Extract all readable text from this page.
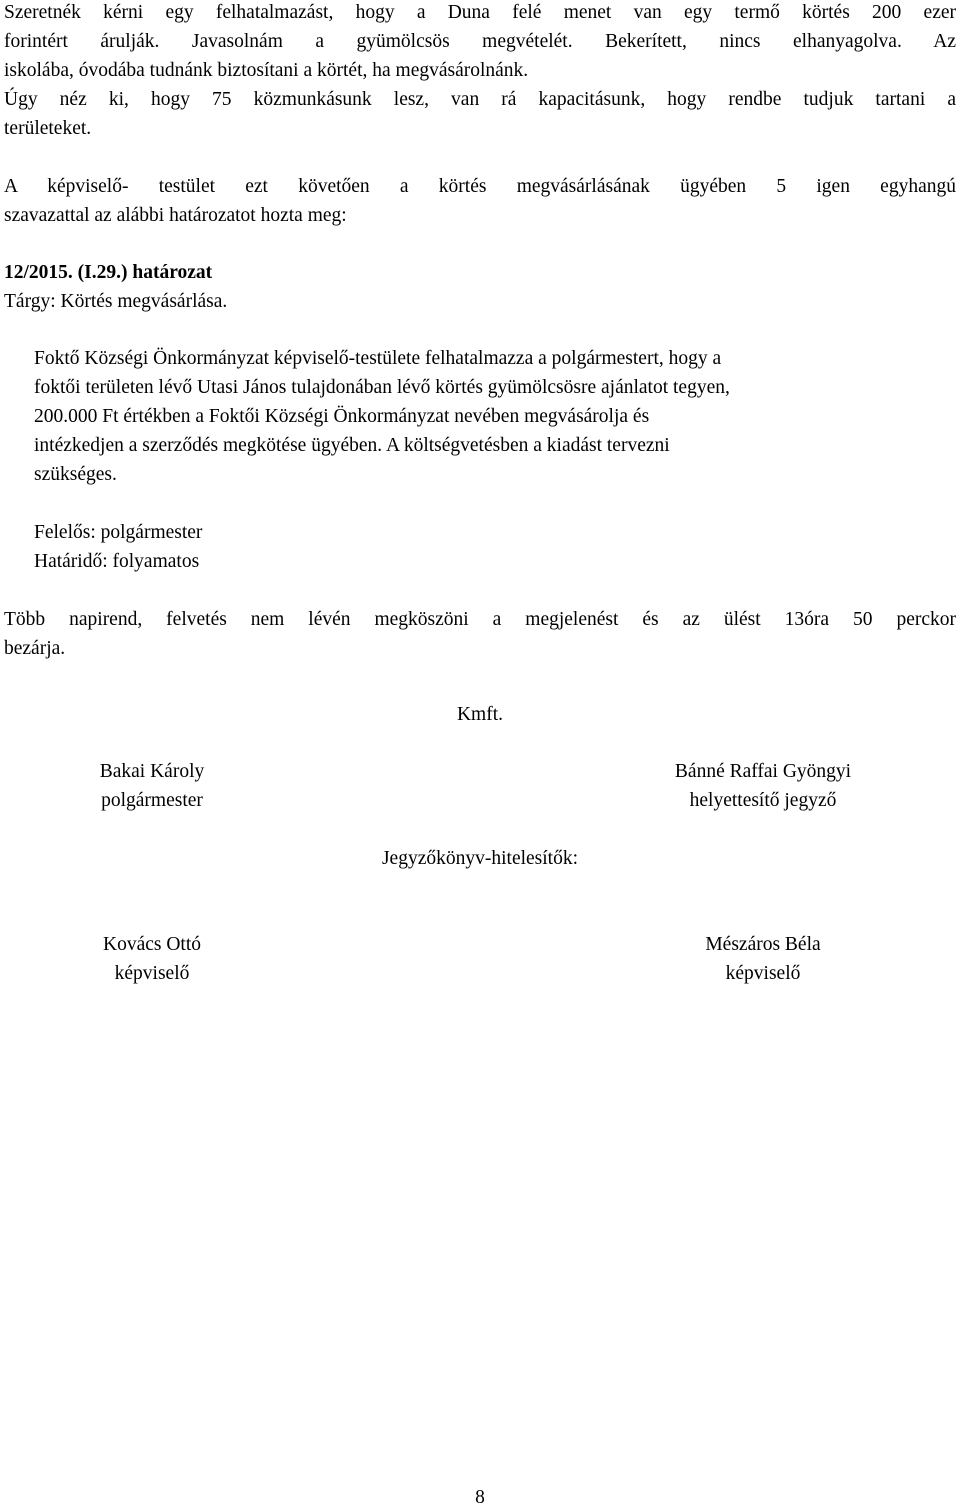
Szeretnék kérni egy felhatalmazást, hogy a Duna felé menet van egy termő körtés 200 ezer
forintért árulják. Javasolnám a gyümölcsös megvételét. Bekerített, nincs elhanyagolva. Az
iskolába, óvodába tudnánk biztosítani a körtét, ha megvásárolnánk.
Úgy néz ki, hogy 75 közmunkásunk lesz, van rá kapacitásunk, hogy rendbe tudjuk tartani a
területeket.
A képviselő- testület ezt követően a körtés megvásárlásának ügyében 5 igen egyhangú
szavazattal az alábbi határozatot hozta meg:
12/2015. (I.29.) határozat
Tárgy: Körtés megvásárlása.
Foktő Községi Önkormányzat képviselő-testülete felhatalmazza a polgármestert, hogy a
foktői területen lévő Utasi János tulajdonában lévő körtés gyümölcsösre ajánlatot tegyen,
200.000 Ft értékben a Foktői Községi Önkormányzat nevében megvásárolja és
intézkedjen a szerződés megkötése ügyében. A költségvetésben a kiadást tervezni
szükséges.
Felelős: polgármester
Határidő: folyamatos
Több napirend, felvetés nem lévén megköszöni a megjelenést és az ülést 13óra 50 perckor
bezárja.
Kmft.
Bakai Károly
polgármester
Bánné Raffai Gyöngyi
helyettesítő jegyző
Jegyzőkönyv-hitelesítők:
Kovács Ottó
képviselő
Mészáros Béla
képviselő
8
